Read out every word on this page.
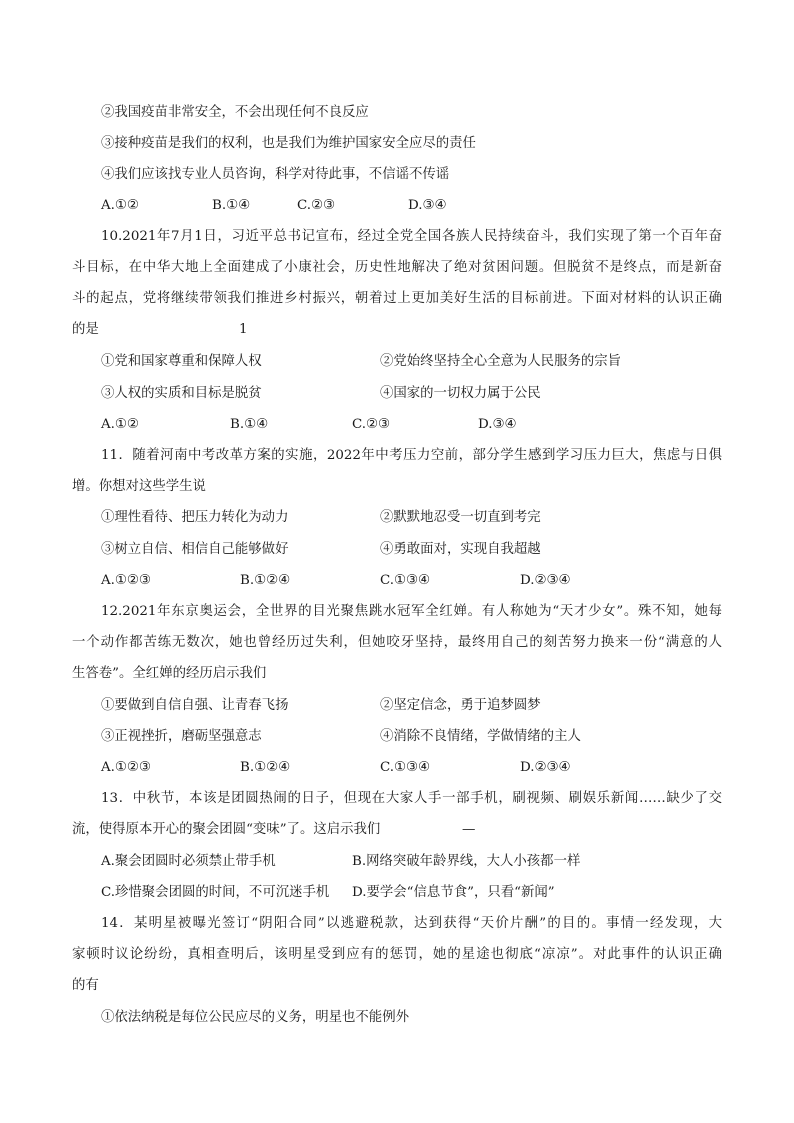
②我国疫苗非常安全，不会出现任何不良反应
③接种疫苗是我们的权利，也是我们为维护国家安全应尽的责任
④我们应该找专业人员咨询，科学对待此事，不信谣不传谣
A.①②	B.①④	C.②③	D.③④
10.2021年7月1日，习近平总书记宣布，经过全党全国各族人民持续奋斗，我们实现了第一个百年奋
斗目标，在中华大地上全面建成了小康社会，历史性地解决了绝对贫困问题。但脱贫不是终点，而是新奋
斗的起点，党将继续带领我们推进乡村振兴，朝着过上更加美好生活的目标前进。下面对材料的认识正确
的是	1
①党和国家尊重和保障人权	②党始终坚持全心全意为人民服务的宗旨
③人权的实质和目标是脱贫	④国家的一切权力属于公民
A.①②	B.①④	C.②③	D.③④
11．随着河南中考改革方案的实施，2022年中考压力空前，部分学生感到学习压力巨大，焦虑与日俱
增。你想对这些学生说
①理性看待、把压力转化为动力	②默默地忍受一切直到考完
③树立自信、相信自己能够做好	④勇敢面对，实现自我超越
A.①②③	B.①②④	C.①③④	D.②③④
12.2021年东京奥运会，全世界的目光聚焦跳水冠军全红婵。有人称她为“天才少女”。殊不知，她每
一个动作都苦练无数次，她也曾经历过失利，但她咬牙坚持，最终用自己的刻苦努力换来一份“满意的人
生答卷”。全红婵的经历启示我们
①要做到自信自强、让青春飞扬	②坚定信念，勇于追梦圆梦
③正视挫折，磨砺坚强意志	④消除不良情绪，学做情绪的主人
A.①②③	B.①②④	C.①③④	D.②③④
13．中秋节，本该是团圆热闹的日子，但现在大家人手一部手机，刷视频、刷娱乐新闻……缺少了交
流，使得原本开心的聚会团圆“变味”了。这启示我们	—
A.聚会团圆时必须禁止带手机	B.网络突破年龄界线，大人小孩都一样
C.珍惜聚会团圆的时间，不可沉迷手机 D.要学会“信息节食”，只看“新闻”
14．某明星被曝光签订“阴阳合同”以逃避税款，达到获得“天价片酬”的目的。事情一经发现，大
家顿时议论纷纷，真相查明后，该明星受到应有的惩罚，她的星途也彻底“凉凉”。对此事件的认识正确
的有
①依法纳税是每位公民应尽的义务，明星也不能例外
